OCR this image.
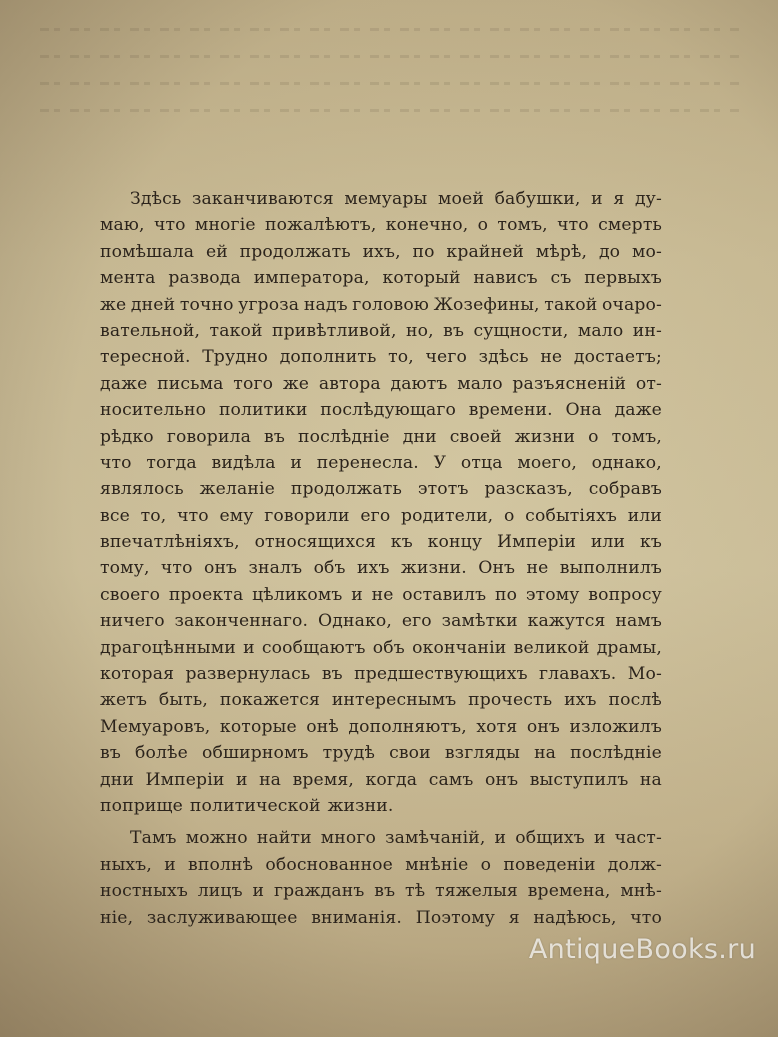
Здѣсь заканчиваются мемуары моей бабушки, и я ду-
маю, что многіе пожалѣютъ, конечно, о томъ, что смерть
помѣшала ей продолжать ихъ, по крайней мѣрѣ, до мо-
мента развода императора, который нависъ съ первыхъ
же дней точно угроза надъ головою Жозефины, такой очаро-
вательной, такой привѣтливой, но, въ сущности, мало ин-
тересной. Трудно дополнить то, чего здѣсь не достаетъ;
даже письма того же автора даютъ мало разъясненій от-
носительно политики послѣдующаго времени. Она даже
рѣдко говорила въ послѣдніе дни своей жизни о томъ,
что тогда видѣла и перенесла. У отца моего, однако,
являлось желаніе продолжать этотъ разсказъ, собравъ
все то, что ему говорили его родители, о событіяхъ или
впечатлѣніяхъ, относящихся къ концу Имперіи или къ
тому, что онъ зналъ объ ихъ жизни. Онъ не выполнилъ
своего проекта цѣликомъ и не оставилъ по этому вопросу
ничего законченнаго. Однако, его замѣтки кажутся намъ
драгоцѣнными и сообщаютъ объ окончаніи великой драмы,
которая развернулась въ предшествующихъ главахъ. Мо-
жетъ быть, покажется интереснымъ прочесть ихъ послѣ
Мемуаровъ, которые онѣ дополняютъ, хотя онъ изложилъ
въ болѣе обширномъ трудѣ свои взгляды на послѣдніе
дни Имперіи и на время, когда самъ онъ выступилъ на
поприще политической жизни.
Тамъ можно найти много замѣчаній, и общихъ и част-
ныхъ, и вполнѣ обоснованное мнѣніе о поведеніи долж-
ностныхъ лицъ и гражданъ въ тѣ тяжелыя времена, мнѣ-
ніе, заслуживающее вниманія. Поэтому я надѣюсь, что
AntiqueBooks.ru
